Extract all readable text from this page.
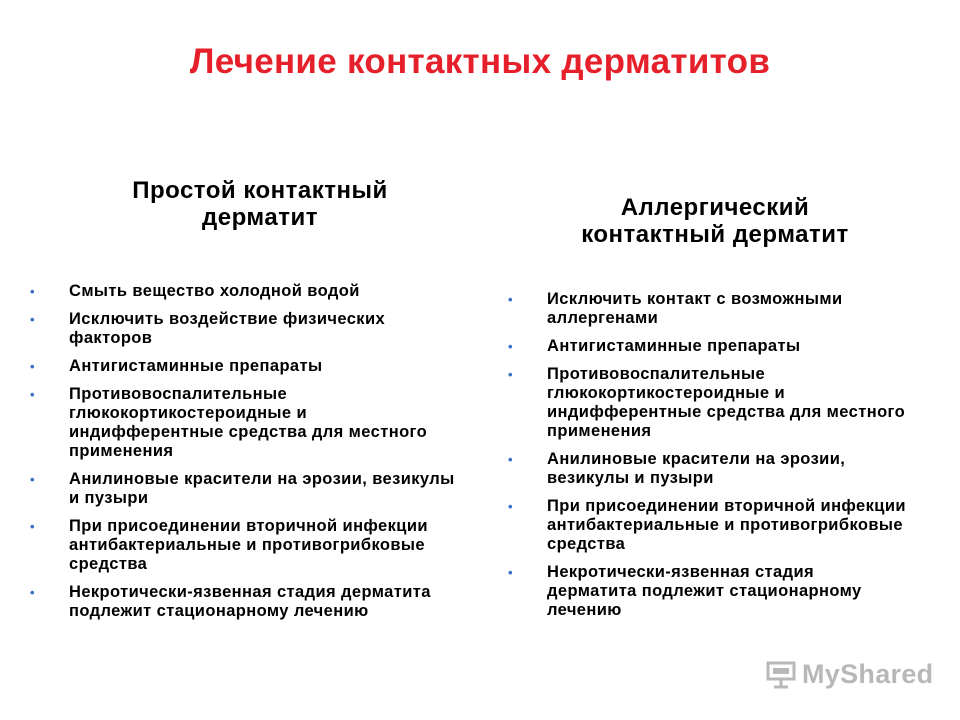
Лечение контактных дерматитов
Простой контактный
дерматит	Аллергический
контактный дерматит
•	Смыть вещество холодной водой
•	Исключить воздействие физических факторов
•	Антигистаминные препараты
•	Противовоспалительные глюкокортикостероидные и индифферентные средства для местного применения
•	Анилиновые красители на эрозии, везикулы и пузыри
•	При присоединении вторичной инфекции антибактериальные и противогрибковые средства
•	Некротически-язвенная стадия дерматита подлежит стационарному лечению
•	Исключить контакт с возможными аллергенами
•	Антигистаминные препараты
•	Противовоспалительные глюкокортикостероидные и индифферентные средства для местного применения
•	Анилиновые красители на эрозии, везикулы и пузыри
•	При присоединении вторичной инфекции антибактериальные и противогрибковые средства
•	Некротически-язвенная стадия дерматита подлежит стационарному лечению
MyShared
